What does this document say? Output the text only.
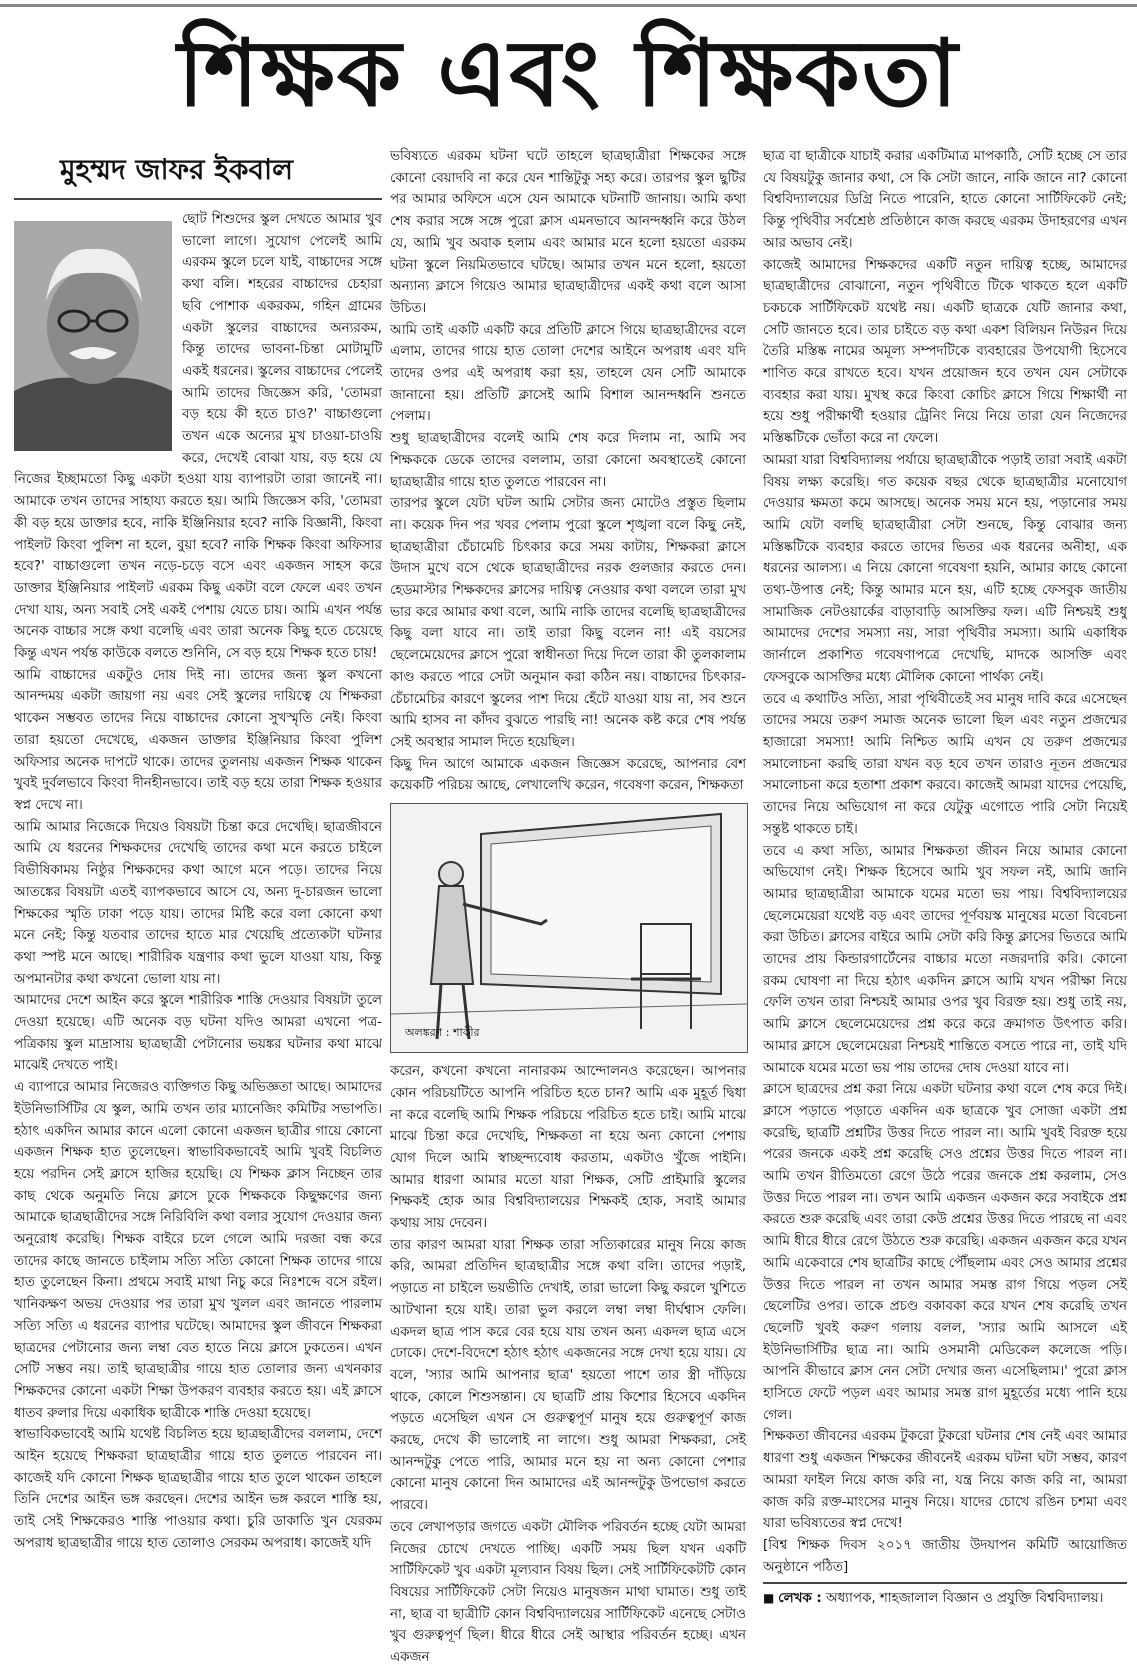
শিক্ষক এবং শিক্ষকতা
মুহম্মদ জাফর ইকবাল

ছোট শিশুদের স্কুল দেখতে আমার খুব ভালো লাগে। সুযোগ পেলেই আমি এরকম স্কুলে চলে যাই, বাচ্চাদের সঙ্গে কথা বলি। শহরের বাচ্চাদের চেহারা ছবি পোশাক একরকম, গহিন গ্রামের একটা স্কুলের বাচ্চাদের অন্যরকম, কিন্তু তাদের ভাবনা-চিন্তা মোটামুটি একই ধরনের। স্কুলের বাচ্চাদের পেলেই আমি তাদের জিজ্ঞেস করি, 'তোমরা বড় হয়ে কী হতে চাও?' বাচ্চাগুলো তখন একে অন্যের মুখ চাওয়া-চাওয়ি করে, দেখেই বোঝা যায়, বড় হয়ে যে নিজের ইচ্ছামতো কিছু একটা হওয়া যায় ব্যাপারটা তারা জানেই না। আমাকে তখন তাদের সাহায্য করতে হয়। আমি জিজ্ঞেস করি, 'তোমরা কী বড় হয়ে ডাক্তার হবে, নাকি ইঞ্জিনিয়ার হবে? নাকি বিজ্ঞানী, কিংবা পাইলট কিংবা পুলিশ না হলে, বুয়া হবে? নাকি শিক্ষক কিংবা অফিসার হবে?' বাচ্চাগুলো তখন নড়ে-চড়ে বসে এবং একজন সাহস করে ডাক্তার ইঞ্জিনিয়ার পাইলট এরকম কিছু একটা বলে ফেলে এবং তখন দেখা যায়, অন্য সবাই সেই একই পেশায় যেতে চায়। আমি এখন পর্যন্ত অনেক বাচ্চার সঙ্গে কথা বলেছি এবং তারা অনেক কিছু হতে চেয়েছে কিন্তু এখন পর্যন্ত কাউকে বলতে শুনিনি, সে বড় হয়ে শিক্ষক হতে চায়!

আমি বাচ্চাদের একটুও দোষ দিই না। তাদের জন্য স্কুল কখনো আনন্দময় একটা জায়গা নয় এবং সেই স্কুলের দায়িত্বে যে শিক্ষকরা থাকেন সম্ভবত তাদের নিয়ে বাচ্চাদের কোনো সুখস্মৃতি নেই। কিংবা তারা হয়তো দেখেছে, একজন ডাক্তার ইঞ্জিনিয়ার কিংবা পুলিশ অফিসার অনেক দাপটে থাকে। তাদের তুলনায় একজন শিক্ষক থাকেন খুবই দুর্বলভাবে কিংবা দীনহীনভাবে। তাই বড় হয়ে তারা শিক্ষক হওয়ার স্বপ্ন দেখে না।

আমি আমার নিজেকে দিয়েও বিষয়টা চিন্তা করে দেখেছি। ছাত্রজীবনে আমি যে ধরনের শিক্ষকদের দেখেছি তাদের কথা মনে করতে চাইলে বিভীষিকাময় নিষ্ঠুর শিক্ষকদের কথা আগে মনে পড়ে। তাদের নিয়ে আতঙ্কের বিষয়টা এতই ব্যাপকভাবে আসে যে, অন্য দু-চারজন ভালো শিক্ষকের স্মৃতি ঢাকা পড়ে যায়। তাদের মিষ্টি করে বলা কোনো কথা মনে নেই; কিন্তু যতবার তাদের হাতে মার খেয়েছি প্রত্যেকটা ঘটনার কথা স্পষ্ট মনে আছে। শারীরিক যন্ত্রণার কথা ভুলে যাওয়া যায়, কিন্তু অপমানটার কথা কখনো ভোলা যায় না।

আমাদের দেশে আইন করে স্কুলে শারীরিক শাস্তি দেওয়ার বিষয়টা তুলে দেওয়া হয়েছে। এটি অনেক বড় ঘটনা যদিও আমরা এখনো পত্র-পত্রিকায় স্কুল মাদ্রাসায় ছাত্রছাত্রী পেটানোর ভয়ঙ্কর ঘটনার কথা মাঝে মাঝেই দেখতে পাই।

এ ব্যাপারে আমার নিজেরও ব্যক্তিগত কিছু অভিজ্ঞতা আছে। আমাদের ইউনিভার্সিটির যে স্কুল, আমি তখন তার ম্যানেজিং কমিটির সভাপতি। হঠাৎ একদিন আমার কানে এলো কোনো একজন ছাত্রীর গায়ে কোনো একজন শিক্ষক হাত তুলেছেন। স্বাভাবিকভাবেই আমি খুবই বিচলিত হয়ে পরদিন সেই ক্লাসে হাজির হয়েছি। যে শিক্ষক ক্লাস নিচ্ছেন তার কাছ থেকে অনুমতি নিয়ে ক্লাসে ঢুকে শিক্ষককে কিছুক্ষণের জন্য আমাকে ছাত্রছাত্রীদের সঙ্গে নিরিবিলি কথা বলার সুযোগ দেওয়ার জন্য অনুরোধ করেছি। শিক্ষক বাইরে চলে গেলে আমি দরজা বন্ধ করে তাদের কাছে জানতে চাইলাম সত্যি সত্যি কোনো শিক্ষক তাদের গায়ে হাত তুলেছেন কিনা। প্রথমে সবাই মাথা নিচু করে নিঃশব্দে বসে রইল। খানিকক্ষণ অভয় দেওয়ার পর তারা মুখ খুলল এবং জানতে পারলাম সত্যি সত্যি এ ধরনের ব্যাপার ঘটেছে। আমাদের স্কুল জীবনে শিক্ষকরা ছাত্রদের পেটানোর জন্য লম্বা বেত হাতে নিয়ে ক্লাসে ঢুকতেন। এখন সেটি সম্ভব নয়। তাই ছাত্রছাত্রীর গায়ে হাত তোলার জন্য এখনকার শিক্ষকদের কোনো একটা শিক্ষা উপকরণ ব্যবহার করতে হয়। এই ক্লাসে ধাতব রুলার দিয়ে একাধিক ছাত্রীকে শাস্তি দেওয়া হয়েছে।

স্বাভাবিকভাবেই আমি যথেষ্ট বিচলিত হয়ে ছাত্রছাত্রীদের বললাম, দেশে আইন হয়েছে শিক্ষকরা ছাত্রছাত্রীর গায়ে হাত তুলতে পারবেন না। কাজেই যদি কোনো শিক্ষক ছাত্রছাত্রীর গায়ে হাত তুলে থাকেন তাহলে তিনি দেশের আইন ভঙ্গ করছেন। দেশের আইন ভঙ্গ করলে শাস্তি হয়, তাই সেই শিক্ষকেরও শাস্তি পাওয়ার কথা। চুরি ডাকাতি খুন যেরকম অপরাধ ছাত্রছাত্রীর গায়ে হাত তোলাও সেরকম অপরাধ। কাজেই যদি

ভবিষ্যতে এরকম ঘটনা ঘটে তাহলে ছাত্রছাত্রীরা শিক্ষকের সঙ্গে কোনো বেয়াদবি না করে যেন শান্তিটুকু সহ্য করে। তারপর স্কুল ছুটির পর আমার অফিসে এসে যেন আমাকে ঘটনাটি জানায়। আমি কথা শেষ করার সঙ্গে সঙ্গে পুরো ক্লাস এমনভাবে আনন্দধ্বনি করে উঠল যে, আমি খুব অবাক হলাম এবং আমার মনে হলো হয়তো এরকম ঘটনা স্কুলে নিয়মিতভাবে ঘটছে। আমার তখন মনে হলো, হয়তো অন্যান্য ক্লাসে গিয়েও আমার ছাত্রছাত্রীদের একই কথা বলে আসা উচিত।

আমি তাই একটি একটি করে প্রতিটি ক্লাসে গিয়ে ছাত্রছাত্রীদের বলে এলাম, তাদের গায়ে হাত তোলা দেশের আইনে অপরাধ এবং যদি তাদের ওপর এই অপরাধ করা হয়, তাহলে যেন সেটি আমাকে জানানো হয়। প্রতিটি ক্লাসেই আমি বিশাল আনন্দধ্বনি শুনতে পেলাম।

শুধু ছাত্রছাত্রীদের বলেই আমি শেষ করে দিলাম না, আমি সব শিক্ষককে ডেকে তাদের বললাম, তারা কোনো অবস্থাতেই কোনো ছাত্রছাত্রীর গায়ে হাত তুলতে পারবেন না।

তারপর স্কুলে যেটা ঘটল আমি সেটার জন্য মোটেও প্রস্তুত ছিলাম না। কয়েক দিন পর খবর পেলাম পুরো স্কুলে শৃঙ্খলা বলে কিছু নেই, ছাত্রছাত্রীরা চেঁচামেচি চিৎকার করে সময় কাটায়, শিক্ষকরা ক্লাসে উদাস মুখে বসে থেকে ছাত্রছাত্রীদের নরক গুলজার করতে দেন। হেডমাস্টার শিক্ষকদের ক্লাসের দায়িত্ব নেওয়ার কথা বললে তারা মুখ ভার করে আমার কথা বলে, আমি নাকি তাদের বলেছি ছাত্রছাত্রীদের কিছু বলা যাবে না। তাই তারা কিছু বলেন না! এই বয়সের ছেলেমেয়েদের ক্লাসে পুরো স্বাধীনতা দিয়ে দিলে তারা কী তুলকালাম কাণ্ড করতে পারে সেটা অনুমান করা কঠিন নয়। বাচ্চাদের চিৎকার-চেঁচামেচির কারণে স্কুলের পাশ দিয়ে হেঁটে যাওয়া যায় না, সব শুনে আমি হাসব না কাঁদব বুঝতে পারছি না! অনেক কষ্ট করে শেষ পর্যন্ত সেই অবস্থার সামাল দিতে হয়েছিল।

কিছু দিন আগে আমাকে একজন জিজ্ঞেস করেছে, আপনার বেশ কয়েকটি পরিচয় আছে, লেখালেখি করেন, গবেষণা করেন, শিক্ষকতা

অলঙ্করণ : শাকীর

করেন, কখনো কখনো নানারকম আন্দোলনও করেছেন। আপনার কোন পরিচয়টিতে আপনি পরিচিত হতে চান? আমি এক মুহূর্ত দ্বিধা না করে বলেছি আমি শিক্ষক পরিচয়ে পরিচিত হতে চাই। আমি মাঝে মাঝে চিন্তা করে দেখেছি, শিক্ষকতা না হয়ে অন্য কোনো পেশায় যোগ দিলে আমি স্বাচ্ছন্দ্যবোধ করতাম, একটাও খুঁজে পাইনি। আমার ধারণা আমার মতো যারা শিক্ষক, সেটি প্রাইমারি স্কুলের শিক্ষকই হোক আর বিশ্ববিদ্যালয়ের শিক্ষকই হোক, সবাই আমার কথায় সায় দেবেন।

তার কারণ আমরা যারা শিক্ষক তারা সত্যিকারের মানুষ নিয়ে কাজ করি, আমরা প্রতিদিন ছাত্রছাত্রীর সঙ্গে কথা বলি। তাদের পড়াই, পড়াতে না চাইলে ভয়ভীতি দেখাই, তারা ভালো কিছু করলে খুশিতে আটখানা হয়ে যাই। তারা ভুল করলে লম্বা লম্বা দীর্ঘশ্বাস ফেলি। একদল ছাত্র পাস করে বের হয়ে যায় তখন অন্য একদল ছাত্র এসে ঢোকে। দেশে-বিদেশে হঠাৎ হঠাৎ একজনের সঙ্গে দেখা হয়ে যায়। যে বলে, 'স্যার আমি আপনার ছাত্র' হয়তো পাশে তার স্ত্রী দাঁড়িয়ে থাকে, কোলে শিশুসন্তান। যে ছাত্রটি প্রায় কিশোর হিসেবে একদিন পড়তে এসেছিল এখন সে গুরুত্বপূর্ণ মানুষ হয়ে গুরুত্বপূর্ণ কাজ করছে, দেখে কী ভালোই না লাগে। শুধু আমরা শিক্ষকরা, সেই আনন্দটুকু পেতে পারি, আমার মনে হয় না অন্য কোনো পেশার কোনো মানুষ কোনো দিন আমাদের এই আনন্দটুকু উপভোগ করতে পারবে।

তবে লেখাপড়ার জগতে একটা মৌলিক পরিবর্তন হচ্ছে যেটা আমরা নিজের চোখে দেখতে পাচ্ছি। একটি সময় ছিল যখন একটি সার্টিফিকেট খুব একটা মূল্যবান বিষয় ছিল। সেই সার্টিফিকেটটি কোন বিষয়ের সার্টিফিকেট সেটা নিয়েও মানুষজন মাথা ঘামাত। শুধু তাই না, ছাত্র বা ছাত্রীটি কোন বিশ্ববিদ্যালয়ের সার্টিফিকেট এনেছে সেটাও খুব গুরুত্বপূর্ণ ছিল। ধীরে ধীরে সেই আস্থার পরিবর্তন হচ্ছে। এখন একজন

ছাত্র বা ছাত্রীকে যাচাই করার একটিমাত্র মাপকাঠি, সেটি হচ্ছে সে তার যে বিষয়টুকু জানার কথা, সে কি সেটা জানে, নাকি জানে না? কোনো বিশ্ববিদ্যালয়ের ডিগ্রি নিতে পারেনি, হাতে কোনো সার্টিফিকেট নেই; কিন্তু পৃথিবীর সর্বশ্রেষ্ঠ প্রতিষ্ঠানে কাজ করছে এরকম উদাহরণের এখন আর অভাব নেই।

কাজেই আমাদের শিক্ষকদের একটি নতুন দায়িত্ব হচ্ছে, আমাদের ছাত্রছাত্রীদের বোঝানো, নতুন পৃথিবীতে টিকে থাকতে হলে একটি চকচকে সার্টিফিকেট যথেষ্ট নয়। একটি ছাত্রকে যেটি জানার কথা, সেটি জানতে হবে। তার চাইতে বড় কথা একশ বিলিয়ন নিউরন দিয়ে তৈরি মস্তিষ্ক নামের অমূল্য সম্পদটিকে ব্যবহারের উপযোগী হিসেবে শাণিত করে রাখতে হবে। যখন প্রয়োজন হবে তখন যেন সেটাকে ব্যবহার করা যায়। মুখস্থ করে কিংবা কোচিং ক্লাসে গিয়ে শিক্ষার্থী না হয়ে শুধু পরীক্ষার্থী হওয়ার ট্রেনিং নিয়ে নিয়ে তারা যেন নিজেদের মস্তিষ্কটিকে ভোঁতা করে না ফেলে।

আমরা যারা বিশ্ববিদ্যালয় পর্যায়ে ছাত্রছাত্রীকে পড়াই তারা সবাই একটা বিষয় লক্ষ্য করেছি। গত কয়েক বছর থেকে ছাত্রছাত্রীর মনোযোগ দেওয়ার ক্ষমতা কমে আসছে। অনেক সময় মনে হয়, পড়ানোর সময় আমি যেটা বলছি ছাত্রছাত্রীরা সেটা শুনছে, কিন্তু বোঝার জন্য মস্তিষ্কটিকে ব্যবহার করতে তাদের ভিতর এক ধরনের অনীহা, এক ধরনের আলস্য। এ নিয়ে কোনো গবেষণা হয়নি, আমার কাছে কোনো তথ্য-উপাত্ত নেই; কিন্তু আমার মনে হয়, এটি হচ্ছে ফেসবুক জাতীয় সামাজিক নেটওয়ার্কের বাড়াবাড়ি আসক্তির ফল। এটি নিশ্চয়ই শুধু আমাদের দেশের সমস্যা নয়, সারা পৃথিবীর সমস্যা। আমি একাধিক জার্নালে প্রকাশিত গবেষণাপত্রে দেখেছি, মাদকে আসক্তি এবং ফেসবুকে আসক্তির মধ্যে মৌলিক কোনো পার্থক্য নেই।

তবে এ কথাটিও সত্যি, সারা পৃথিবীতেই সব মানুষ দাবি করে এসেছেন তাদের সময়ে তরুণ সমাজ অনেক ভালো ছিল এবং নতুন প্রজন্মের হাজারো সমস্যা! আমি নিশ্চিত আমি এখন যে তরুণ প্রজন্মের সমালোচনা করছি তারা যখন বড় হবে তখন তারাও নূতন প্রজন্মের সমালোচনা করে হতাশা প্রকাশ করবে। কাজেই আমরা যাদের পেয়েছি, তাদের নিয়ে অভিযোগ না করে যেটুকু এগোতে পারি সেটা নিয়েই সন্তুষ্ট থাকতে চাই।

তবে এ কথা সত্যি, আমার শিক্ষকতা জীবন নিয়ে আমার কোনো অভিযোগ নেই। শিক্ষক হিসেবে আমি খুব সফল নই, আমি জানি আমার ছাত্রছাত্রীরা আমাকে যমের মতো ভয় পায়। বিশ্ববিদ্যালয়ের ছেলেমেয়েরা যথেষ্ট বড় এবং তাদের পূর্ণবয়স্ক মানুষের মতো বিবেচনা করা উচিত। ক্লাসের বাইরে আমি সেটা করি কিন্তু ক্লাসের ভিতরে আমি তাদের প্রায় কিন্ডারগার্টেনের বাচ্চার মতো নজরদারি করি। কোনো রকম ঘোষণা না দিয়ে হঠাৎ একদিন ক্লাসে আমি যখন পরীক্ষা নিয়ে ফেলি তখন তারা নিশ্চয়ই আমার ওপর খুব বিরক্ত হয়। শুধু তাই নয়, আমি ক্লাসে ছেলেমেয়েদের প্রশ্ন করে করে ক্রমাগত উৎপাত করি। আমার ক্লাসে ছেলেমেয়েরা নিশ্চয়ই শান্তিতে বসতে পারে না, তাই যদি আমাকে যমের মতো ভয় পায় তাদের দোষ দেওয়া যাবে না।

ক্লাসে ছাত্রদের প্রশ্ন করা নিয়ে একটা ঘটনার কথা বলে শেষ করে দিই। ক্লাসে পড়াতে পড়াতে একদিন এক ছাত্রকে খুব সোজা একটা প্রশ্ন করেছি, ছাত্রটি প্রশ্নটির উত্তর দিতে পারল না। আমি খুবই বিরক্ত হয়ে পরের জনকে একই প্রশ্ন করেছি সেও প্রশ্নের উত্তর দিতে পারল না। আমি তখন রীতিমতো রেগে উঠে পরের জনকে প্রশ্ন করলাম, সেও উত্তর দিতে পারল না। তখন আমি একজন একজন করে সবাইকে প্রশ্ন করতে শুরু করেছি এবং তারা কেউ প্রশ্নের উত্তর দিতে পারছে না এবং আমি ধীরে ধীরে রেগে উঠতে শুরু করেছি। একজন একজন করে যখন আমি একেবারে শেষ ছাত্রটির কাছে পৌঁছলাম এবং সেও আমার প্রশ্নের উত্তর দিতে পারল না তখন আমার সমস্ত রাগ গিয়ে পড়ল সেই ছেলেটির ওপর। তাকে প্রচণ্ড বকাবকা করে যখন শেষ করেছি তখন ছেলেটি খুবই করুণ গলায় বলল, 'স্যার আমি আসলে এই ইউনিভার্সিটির ছাত্র না। আমি ওসমানী মেডিকেল কলেজে পড়ি। আপনি কীভাবে ক্লাস নেন সেটা দেখার জন্য এসেছিলাম।' পুরো ক্লাস হাসিতে ফেটে পড়ল এবং আমার সমস্ত রাগ মুহূর্তের মধ্যে পানি হয়ে গেল।

শিক্ষকতা জীবনের এরকম টুকরো টুকরো ঘটনার শেষ নেই এবং আমার ধারণা শুধু একজন শিক্ষকের জীবনেই এরকম ঘটনা ঘটা সম্ভব, কারণ আমরা ফাইল নিয়ে কাজ করি না, যন্ত্র নিয়ে কাজ করি না, আমরা কাজ করি রক্ত-মাংসের মানুষ নিয়ে। যাদের চোখে রঙিন চশমা এবং যারা ভবিষ্যতের স্বপ্ন দেখে!

[বিশ্ব শিক্ষক দিবস ২০১৭ জাতীয় উদযাপন কমিটি আয়োজিত অনুষ্ঠানে পঠিত]

■ লেখক : অধ্যাপক, শাহজালাল বিজ্ঞান ও প্রযুক্তি বিশ্ববিদ্যালয়।
